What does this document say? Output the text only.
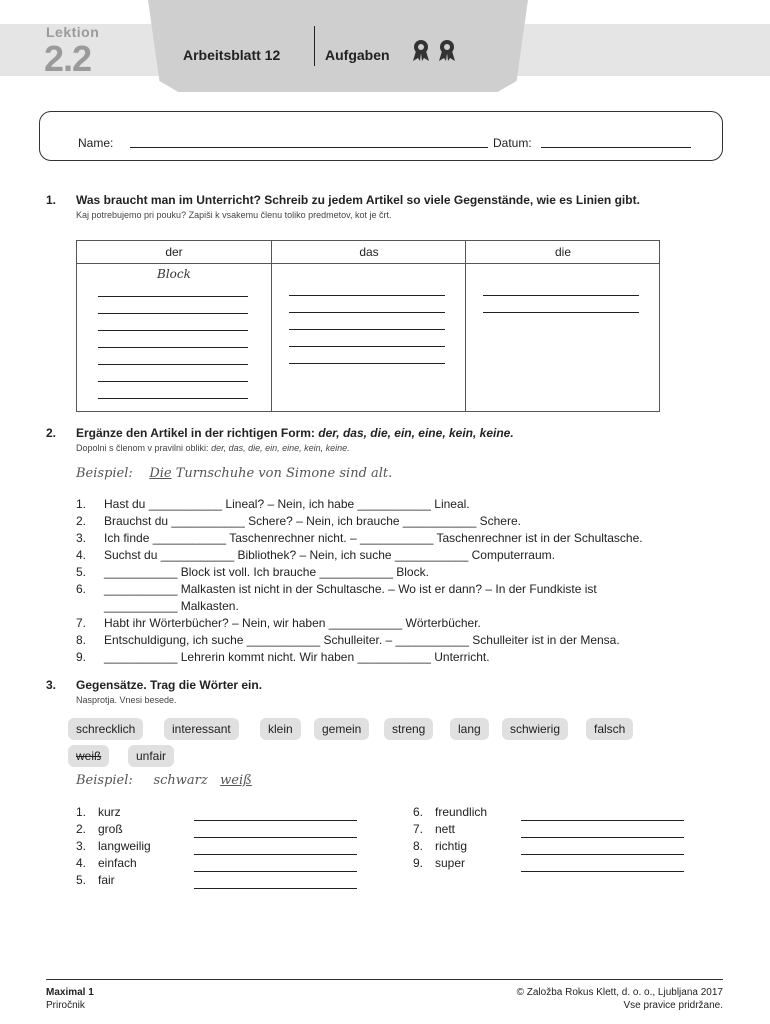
Lektion
2.2	Arbeitsblatt 12	Aufgaben
Name:	Datum:
1. Was braucht man im Unterricht? Schreib zu jedem Artikel so viele Gegenstände, wie es Linien gibt.
Kaj potrebujemo pri pouku? Zapiši k vsakemu členu toliko predmetov, kot je črt.
der	das	die
Block
2. Ergänze den Artikel in der richtigen Form: der, das, die, ein, eine, kein, keine.
Dopolni s členom v pravilni obliki: der, das, die, ein, eine, kein, keine.
Beispiel: Die Turnschuhe von Simone sind alt.
1.	Hast du ___________ Lineal? – Nein, ich habe ___________ Lineal.
2.	Brauchst du ___________ Schere? – Nein, ich brauche ___________ Schere.
3.	Ich finde ___________ Taschenrechner nicht. – ___________ Taschenrechner ist in der Schultasche.
4.	Suchst du ___________ Bibliothek? – Nein, ich suche ___________ Computerraum.
5.	___________ Block ist voll. Ich brauche ___________ Block.
6.	___________ Malkasten ist nicht in der Schultasche. – Wo ist er dann? – In der Fundkiste ist
___________ Malkasten.
7.	Habt ihr Wörterbücher? – Nein, wir haben ___________ Wörterbücher.
8.	Entschuldigung, ich suche ___________ Schulleiter. – ___________ Schulleiter ist in der Mensa.
9.	___________ Lehrerin kommt nicht. Wir haben ___________ Unterricht.
3. Gegensätze. Trag die Wörter ein.
Nasprotja. Vnesi besede.
schrecklich	interessant	klein	gemein	streng	lang	schwierig	falsch
weiß	unfair
Beispiel: schwarz weiß
1. kurz
2. groß
3. langweilig
4. einfach
5. fair
6. freundlich
7. nett
8. richtig
9. super
Maximal 1
Priročnik
© Založba Rokus Klett, d. o. o., Ljubljana 2017
Vse pravice pridržane.
